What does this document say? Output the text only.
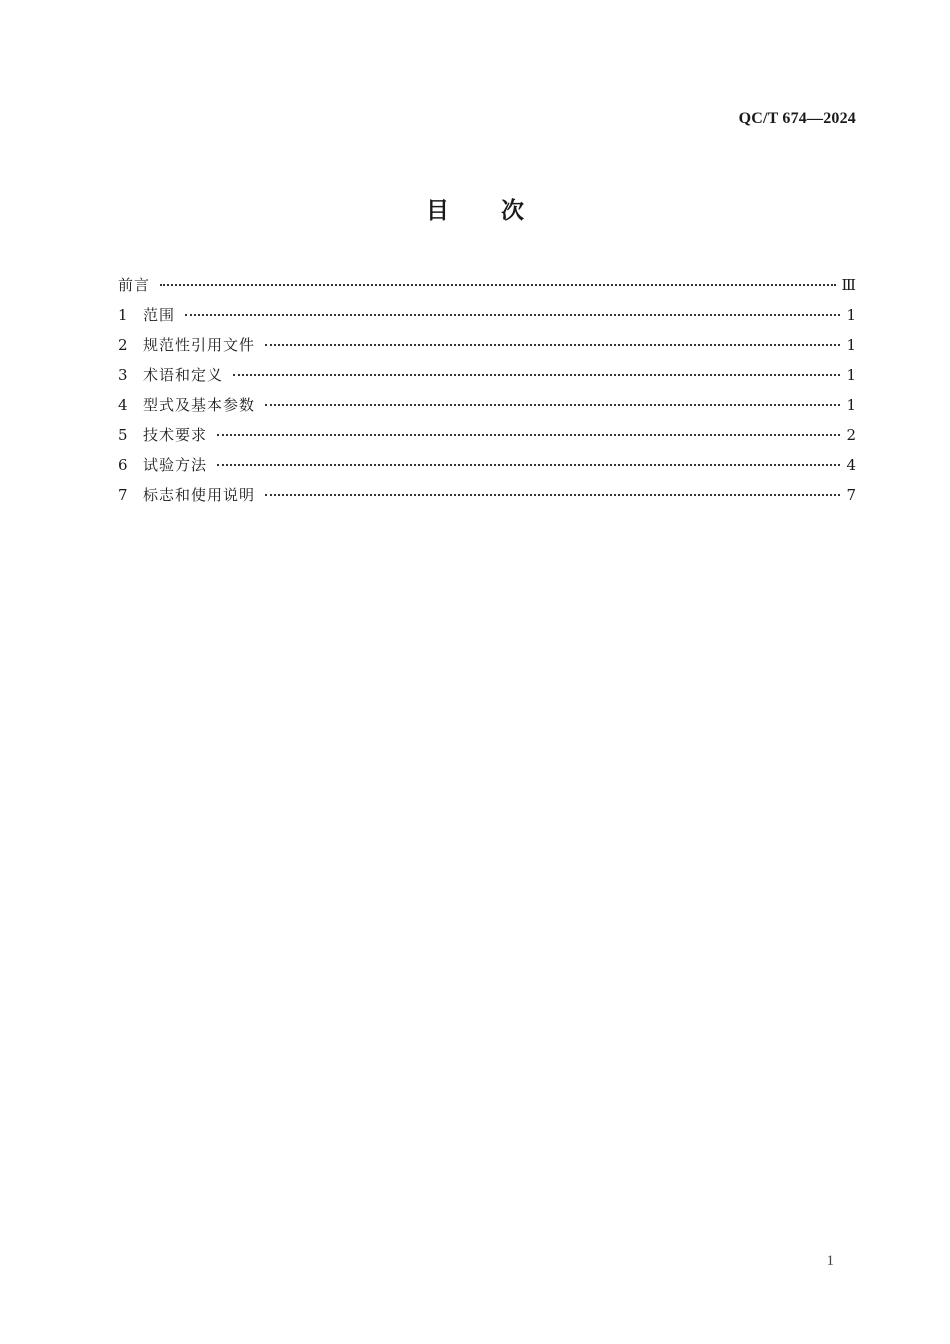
QC/T 674—2024
目 次
前言	Ⅲ
1	范围	1
2	规范性引用文件	1
3	术语和定义	1
4	型式及基本参数	1
5	技术要求	2
6	试验方法	4
7	标志和使用说明	7
1
